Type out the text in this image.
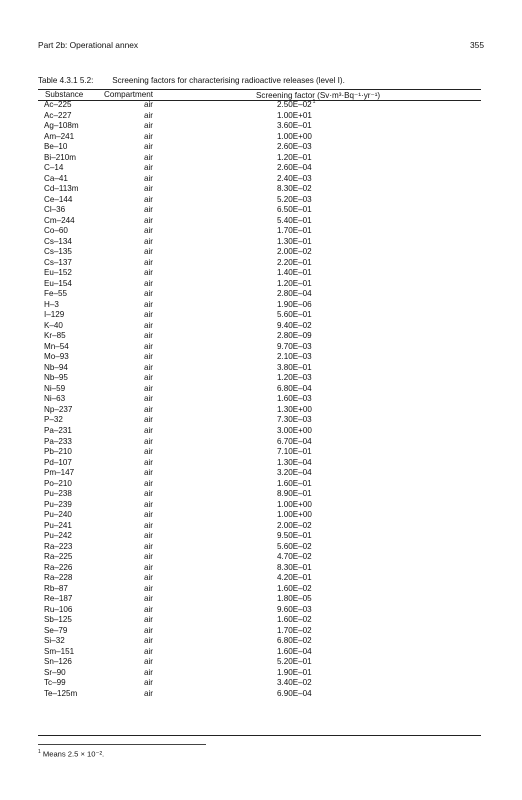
Part 2b: Operational annex	355
Table 4.3.1 5.2: Screening factors for characterising radioactive releases (level I).
Substance	Compartment	Screening factor (Sv·m³·Bq⁻¹·yr⁻¹)
Ac–225	air	2.50E–02$^1$
Ac–227	air	1.00E+01
Ag–108m	air	3.60E–01
Am–241	air	1.00E+00
Be–10	air	2.60E–03
Bi–210m	air	1.20E–01
C–14	air	2.60E–04
Ca–41	air	2.40E–03
Cd–113m	air	8.30E–02
Ce–144	air	5.20E–03
Cl–36	air	6.50E–01
Cm–244	air	5.40E–01
Co–60	air	1.70E–01
Cs–134	air	1.30E–01
Cs–135	air	2.00E–02
Cs–137	air	2.20E–01
Eu–152	air	1.40E–01
Eu–154	air	1.20E–01
Fe–55	air	2.80E–04
H–3	air	1.90E–06
I–129	air	5.60E–01
K–40	air	9.40E–02
Kr–85	air	2.80E–09
Mn–54	air	9.70E–03
Mo–93	air	2.10E–03
Nb–94	air	3.80E–01
Nb–95	air	1.20E–03
Ni–59	air	6.80E–04
Ni–63	air	1.60E–03
Np–237	air	1.30E+00
P–32	air	7.30E–03
Pa–231	air	3.00E+00
Pa–233	air	6.70E–04
Pb–210	air	7.10E–01
Pd–107	air	1.30E–04
Pm–147	air	3.20E–04
Po–210	air	1.60E–01
Pu–238	air	8.90E–01
Pu–239	air	1.00E+00
Pu–240	air	1.00E+00
Pu–241	air	2.00E–02
Pu–242	air	9.50E–01
Ra–223	air	5.60E–02
Ra–225	air	4.70E–02
Ra–226	air	8.30E–01
Ra–228	air	4.20E–01
Rb–87	air	1.60E–02
Re–187	air	1.80E–05
Ru–106	air	9.60E–03
Sb–125	air	1.60E–02
Se–79	air	1.70E–02
Si–32	air	6.80E–02
Sm–151	air	1.60E–04
Sn–126	air	5.20E–01
Sr–90	air	1.90E–01
Tc–99	air	3.40E–02
Te–125m	air	6.90E–04
$^1$ Means 2.5 × 10⁻².
